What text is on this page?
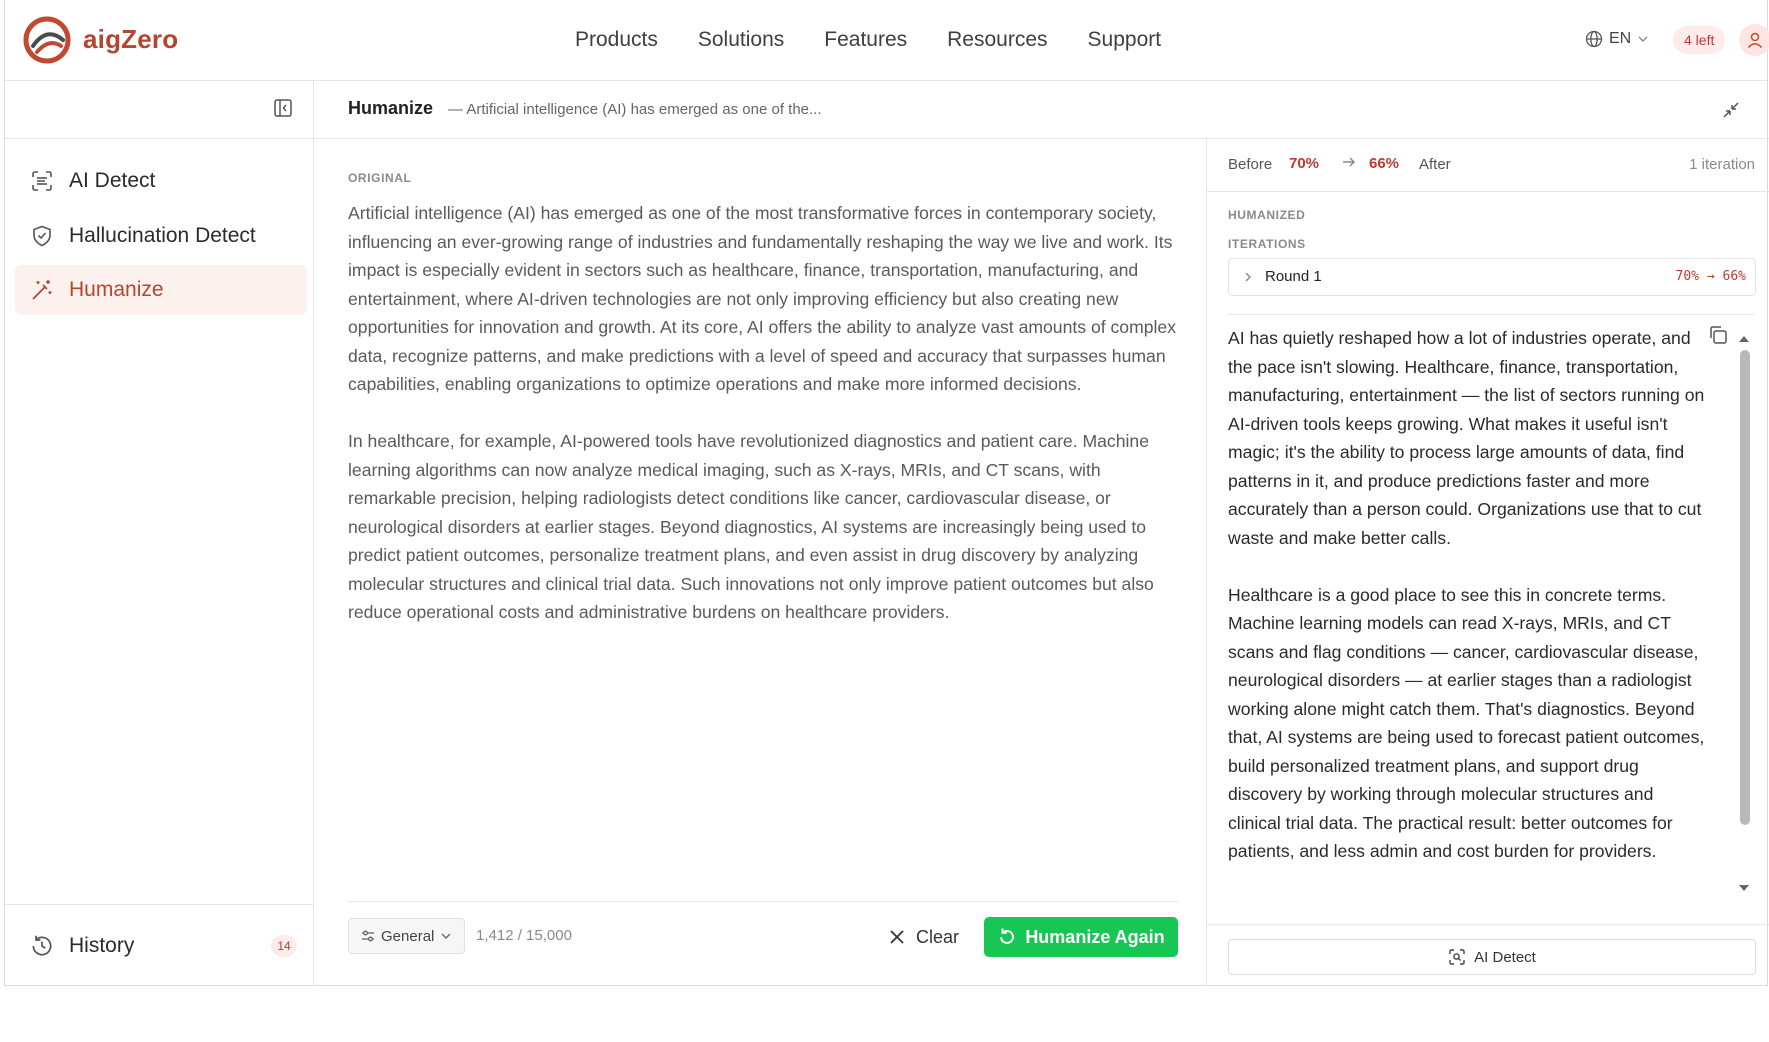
aigZero	Products Solutions Features Resources Support	EN	4 left
AI Detect
Hallucination Detect
Humanize
History	14
Humanize — Artificial intelligence (AI) has emerged as one of the...
ORIGINAL

Artificial intelligence (AI) has emerged as one of the most transformative forces in contemporary society, influencing an ever-growing range of industries and fundamentally reshaping the way we live and work. Its impact is especially evident in sectors such as healthcare, finance, transportation, manufacturing, and entertainment, where AI-driven technologies are not only improving efficiency but also creating new opportunities for innovation and growth. At its core, AI offers the ability to analyze vast amounts of complex data, recognize patterns, and make predictions with a level of speed and accuracy that surpasses human capabilities, enabling organizations to optimize operations and make more informed decisions.

In healthcare, for example, AI-powered tools have revolutionized diagnostics and patient care. Machine learning algorithms can now analyze medical imaging, such as X-rays, MRIs, and CT scans, with remarkable precision, helping radiologists detect conditions like cancer, cardiovascular disease, or neurological disorders at earlier stages. Beyond diagnostics, AI systems are increasingly being used to predict patient outcomes, personalize treatment plans, and even assist in drug discovery by analyzing molecular structures and clinical trial data. Such innovations not only improve patient outcomes but also reduce operational costs and administrative burdens on healthcare providers.

General	1,412 / 15,000	Clear	Humanize Again
Before 70%	66% After	1 iteration
HUMANIZED
ITERATIONS
Round 1	70% → 66%

AI has quietly reshaped how a lot of industries operate, and the pace isn't slowing. Healthcare, finance, transportation, manufacturing, entertainment — the list of sectors running on AI-driven tools keeps growing. What makes it useful isn't magic; it's the ability to process large amounts of data, find patterns in it, and produce predictions faster and more accurately than a person could. Organizations use that to cut waste and make better calls.

Healthcare is a good place to see this in concrete terms. Machine learning models can read X-rays, MRIs, and CT scans and flag conditions — cancer, cardiovascular disease, neurological disorders — at earlier stages than a radiologist working alone might catch them. That's diagnostics. Beyond that, AI systems are being used to forecast patient outcomes, build personalized treatment plans, and support drug discovery by working through molecular structures and clinical trial data. The practical result: better outcomes for patients, and less admin and cost burden for providers.

AI Detect
